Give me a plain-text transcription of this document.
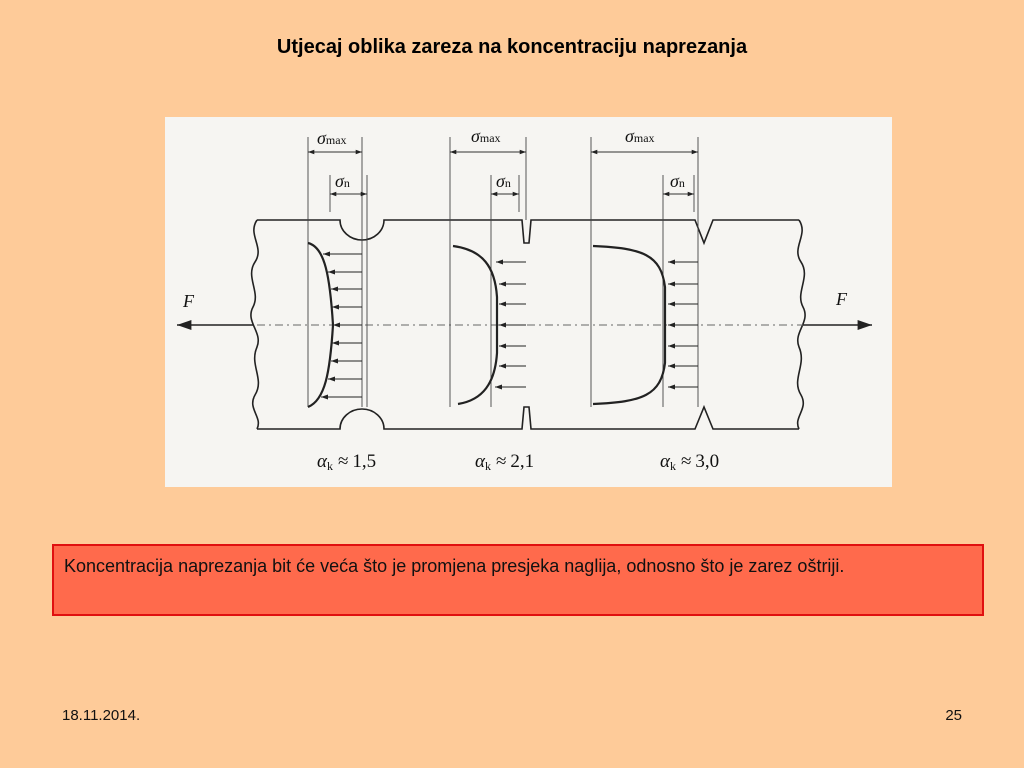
Utjecaj oblika zareza na koncentraciju naprezanja
F	F
σmax
σn
αk ≈ 1,5
σmax
σn
αk ≈ 2,1
σmax
σn
αk ≈ 3,0
Koncentracija naprezanja bit će veća što je promjena presjeka naglija, odnosno što je zarez oštriji.
18.11.2014.	25
